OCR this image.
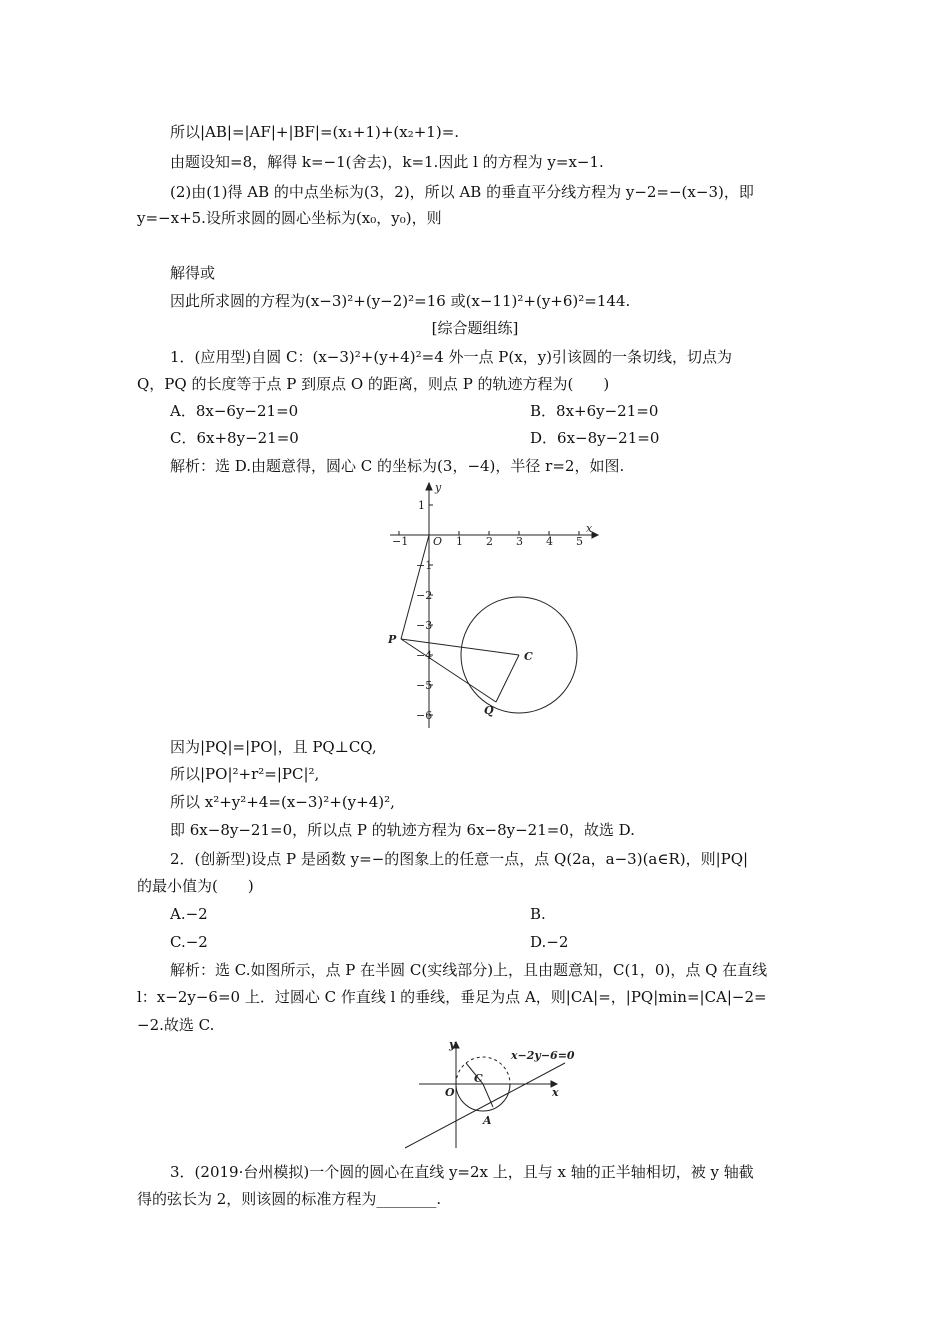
所以|AB|=|AF|+|BF|=(x₁+1)+(x₂+1)=.
由题设知=8，解得 k=−1(舍去)，k=1.因此 l 的方程为 y=x−1.
(2)由(1)得 AB 的中点坐标为(3，2)，所以 AB 的垂直平分线方程为 y−2=−(x−3)，即
y=−x+5.设所求圆的圆心坐标为(x₀，y₀)，则
解得或
因此所求圆的方程为(x−3)²+(y−2)²=16 或(x−11)²+(y+6)²=144.
[综合题组练]
1．(应用型)自圆 C：(x−3)²+(y+4)²=4 外一点 P(x，y)引该圆的一条切线，切点为
Q，PQ 的长度等于点 P 到原点 O 的距离，则点 P 的轨迹方程为(　　)
A．8x−6y−21=0	B．8x+6y−21=0
C．6x+8y−21=0	D．6x−8y−21=0
解析：选 D.由题意得，圆心 C 的坐标为(3，−4)，半径 r=2，如图.
y
x
O
−1	1 2 3 4 5
1
−1
−2
−3
−4
−5
−6
P
C
Q
因为|PQ|=|PO|，且 PQ⊥CQ,
所以|PO|²+r²=|PC|²,
所以 x²+y²+4=(x−3)²+(y+4)²,
即 6x−8y−21=0，所以点 P 的轨迹方程为 6x−8y−21=0，故选 D.
2．(创新型)设点 P 是函数 y=−的图象上的任意一点，点 Q(2a，a−3)(a∈R)，则|PQ|
的最小值为(　　)
A.−2	B.
C.−2	D.−2
解析：选 C.如图所示，点 P 在半圆 C(实线部分)上，且由题意知，C(1，0)，点 Q 在直线
l：x−2y−6=0 上．过圆心 C 作直线 l 的垂线，垂足为点 A，则|CA|=，|PQ|min=|CA|−2=
−2.故选 C.
y
x
O
C
A
x−2y−6=0
3．(2019·台州模拟)一个圆的圆心在直线 y=2x 上，且与 x 轴的正半轴相切，被 y 轴截
得的弦长为 2，则该圆的标准方程为________.
